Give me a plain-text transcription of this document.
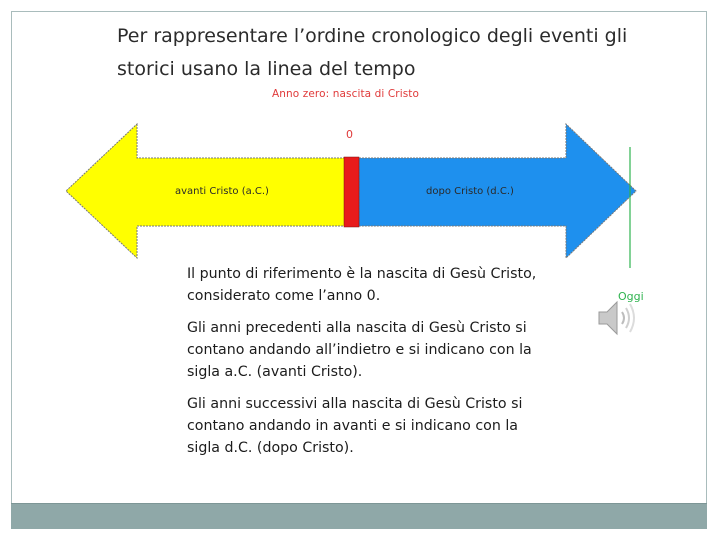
Per rappresentare l’ordine cronologico degli eventi gli storici usano la linea del tempo
Anno zero: nascita di Cristo
0
avanti Cristo (a.C.)	dopo Cristo (d.C.)
Oggi

Il punto di riferimento è la nascita di Gesù Cristo, considerato come l’anno 0.

Gli anni precedenti alla nascita di Gesù Cristo si contano andando all’indietro e si indicano con la sigla a.C. (avanti Cristo).

Gli anni successivi alla nascita di Gesù Cristo si contano andando in avanti e si indicano con la sigla d.C. (dopo Cristo).
